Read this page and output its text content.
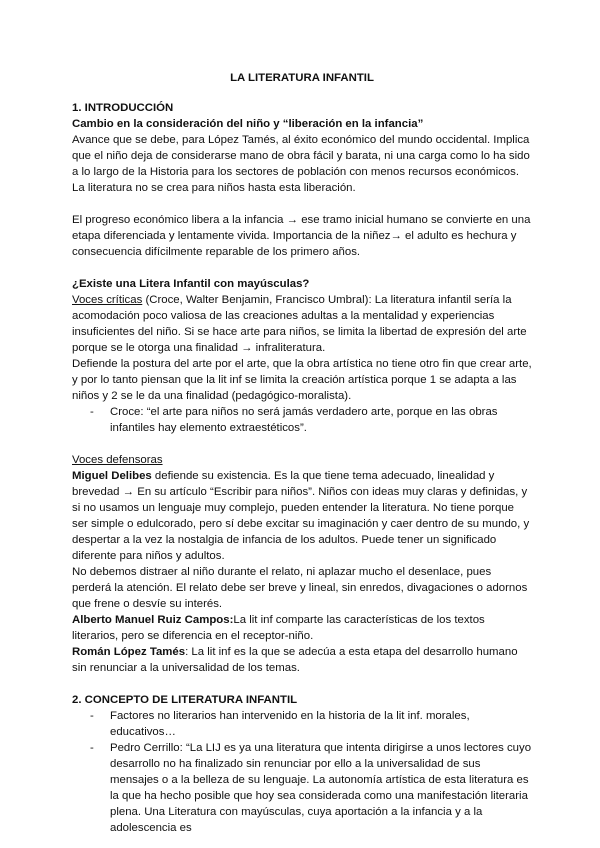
LA LITERATURA INFANTIL

1. INTRODUCCIÓN

Cambio en la consideración del niño y “liberación en la infancia”

Avance que se debe, para López Tamés, al éxito económico del mundo occidental. Implica que el niño deja de considerarse mano de obra fácil y barata, ni una carga como lo ha sido a lo largo de la Historia para los sectores de población con menos recursos económicos. La literatura no se crea para niños hasta esta liberación.

El progreso económico libera a la infancia → ese tramo inicial humano se convierte en una etapa diferenciada y lentamente vivida. Importancia de la niñez→ el adulto es hechura y consecuencia difícilmente reparable de los primero años.

¿Existe una Litera Infantil con mayúsculas?

Voces críticas (Croce, Walter Benjamin, Francisco Umbral): La literatura infantil sería la acomodación poco valiosa de las creaciones adultas a la mentalidad y experiencias insuficientes del niño. Si se hace arte para niños, se limita la libertad de expresión del arte porque se le otorga una finalidad → infraliteratura.

Defiende la postura del arte por el arte, que la obra artística no tiene otro fin que crear arte, y por lo tanto piensan que la lit inf se limita la creación artística porque 1 se adapta a las niños y 2 se le da una finalidad (pedagógico-moralista).

- Croce: “el arte para niños no será jamás verdadero arte, porque en las obras infantiles hay elemento extraestéticos”.

Voces defensoras

Miguel Delibes defiende su existencia. Es la que tiene tema adecuado, linealidad y brevedad → En su artículo “Escribir para niños”. Niños con ideas muy claras y definidas, y si no usamos un lenguaje muy complejo, pueden entender la literatura. No tiene porque ser simple o edulcorado, pero sí debe excitar su imaginación y caer dentro de su mundo, y despertar a la vez la nostalgia de infancia de los adultos. Puede tener un significado diferente para niños y adultos.

No debemos distraer al niño durante el relato, ni aplazar mucho el desenlace, pues perderá la atención. El relato debe ser breve y lineal, sin enredos, divagaciones o adornos que frene o desvíe su interés.

Alberto Manuel Ruiz Campos:La lit inf comparte las características de los textos literarios, pero se diferencia en el receptor-niño.

Román López Tamés: La lit inf es la que se adecúa a esta etapa del desarrollo humano sin renunciar a la universalidad de los temas.

2. CONCEPTO DE LITERATURA INFANTIL

- Factores no literarios han intervenido en la historia de la lit inf. morales, educativos…
- Pedro Cerrillo: “La LIJ es ya una literatura que intenta dirigirse a unos lectores cuyo desarrollo no ha finalizado sin renunciar por ello a la universalidad de sus mensajes o a la belleza de su lenguaje. La autonomía artística de esta literatura es la que ha hecho posible que hoy sea considerada como una manifestación literaria plena. Una Literatura con mayúsculas, cuya aportación a la infancia y a la adolescencia es
